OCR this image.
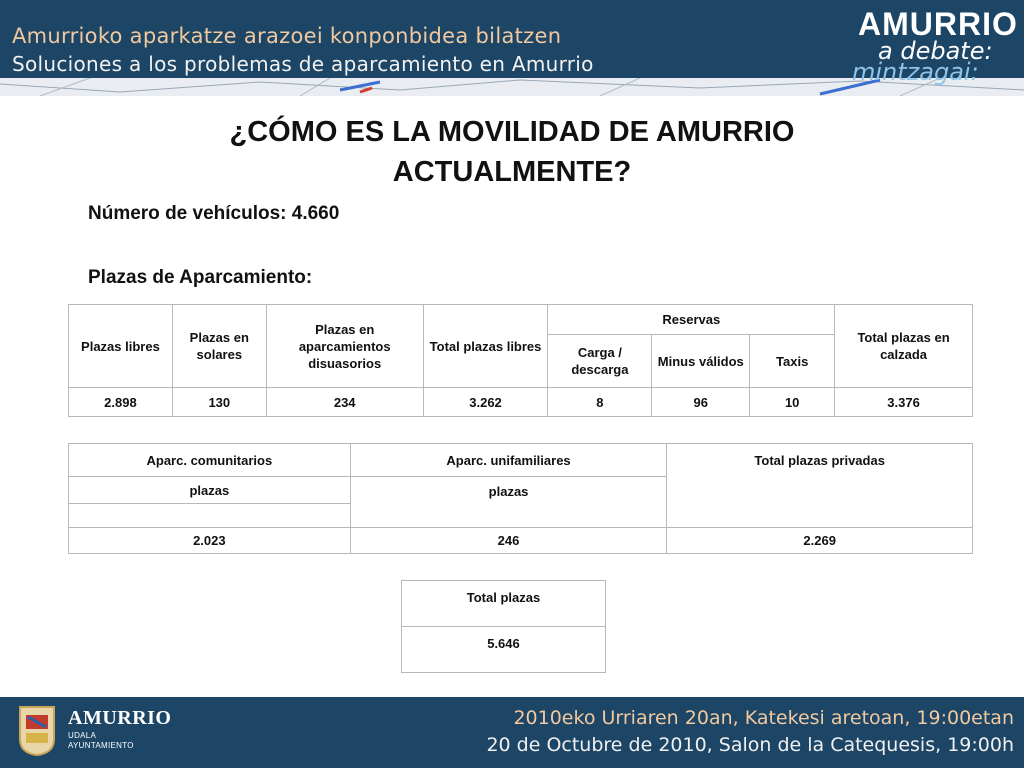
Amurrioko aparkatze arazoei konponbidea bilatzen
Soluciones a los problemas de aparcamiento en Amurrio
AMURRIO
a debate:
mintzagai:
¿CÓMO ES LA MOVILIDAD DE AMURRIO
ACTUALMENTE?
Número de vehículos: 4.660
Plazas de Aparcamiento:
Plazas libres	Plazas en solares	Plazas en aparcamientos disuasorios	Total plazas libres	Reservas			Total plazas en calzada
				Carga / descarga	Minus válidos	Taxis	
2.898	130	234	3.262	8	96	10	3.376
Aparc. comunitarios	Aparc. unifamiliares	Total plazas privadas
plazas	plazas	

2.023	246	2.269
Total plazas
5.646
AMURRIO
UDALA
AYUNTAMIENTO
2010eko Urriaren 20an, Katekesi aretoan, 19:00etan
20 de Octubre de 2010, Salon de la Catequesis, 19:00h
